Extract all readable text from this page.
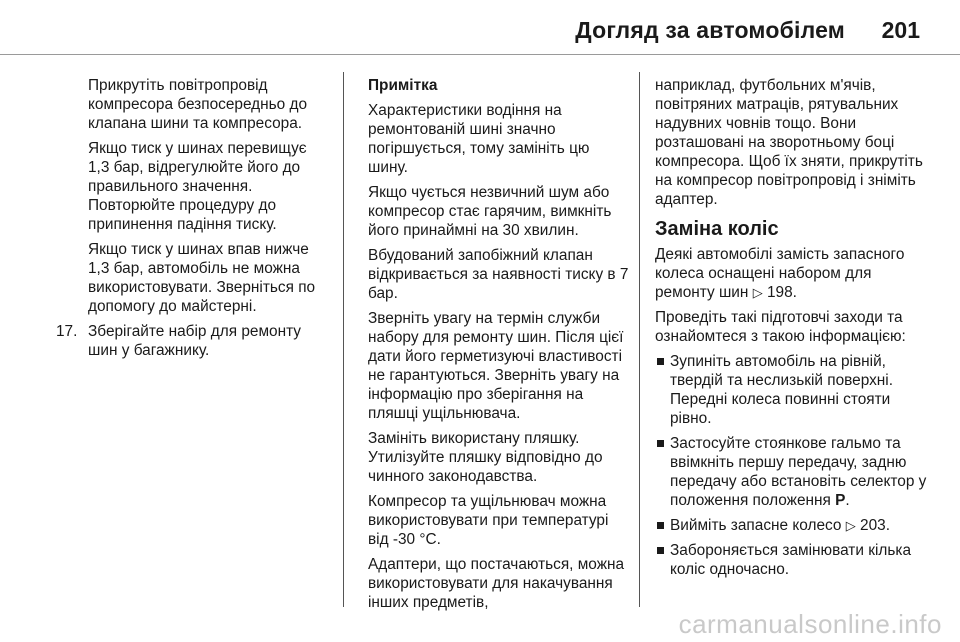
Догляд за автомобілем 201

Прикрутіть повітропровід компресора безпосередньо до клапана шини та компресора.

Якщо тиск у шинах перевищує 1,3 бар, відрегулюйте його до правильного значення. Повторюйте процедуру до припинення падіння тиску.

Якщо тиск у шинах впав нижче 1,3 бар, автомобіль не можна використовувати. Зверніться по допомогу до майстерні.

17. Зберігайте набір для ремонту шин у багажнику.

Примітка

Характеристики водіння на ремонтованій шині значно погіршується, тому замініть цю шину.

Якщо чується незвичний шум або компресор стає гарячим, вимкніть його принаймні на 30 хвилин.

Вбудований запобіжний клапан відкривається за наявності тиску в 7 бар.

Зверніть увагу на термін служби набору для ремонту шин. Після цієї дати його герметизуючі властивості не гарантуються. Зверніть увагу на інформацію про зберігання на пляшці ущільнювача.

Замініть використану пляшку. Утилізуйте пляшку відповідно до чинного законодавства.

Компресор та ущільнювач можна використовувати при температурі від -30 °C.

Адаптери, що постачаються, можна використовувати для накачування інших предметів,

наприклад, футбольних м'ячів, повітряних матраців, рятувальних надувних човнів тощо. Вони розташовані на зворотньому боці компресора. Щоб їх зняти, прикрутіть на компресор повітропровід і зніміть адаптер.

Заміна коліс

Деякі автомобілі замість запасного колеса оснащені набором для ремонту шин ▷ 198.

Проведіть такі підготовчі заходи та ознайомтеся з такою інформацією:

Зупиніть автомобіль на рівній, твердій та неслизькій поверхні. Передні колеса повинні стояти рівно.

Застосуйте стоянкове гальмо та ввімкніть першу передачу, задню передачу або встановіть селектор у положення положення P.

Вийміть запасне колесо ▷ 203.

Забороняється замінювати кілька коліс одночасно.

carmanualsonline.info
